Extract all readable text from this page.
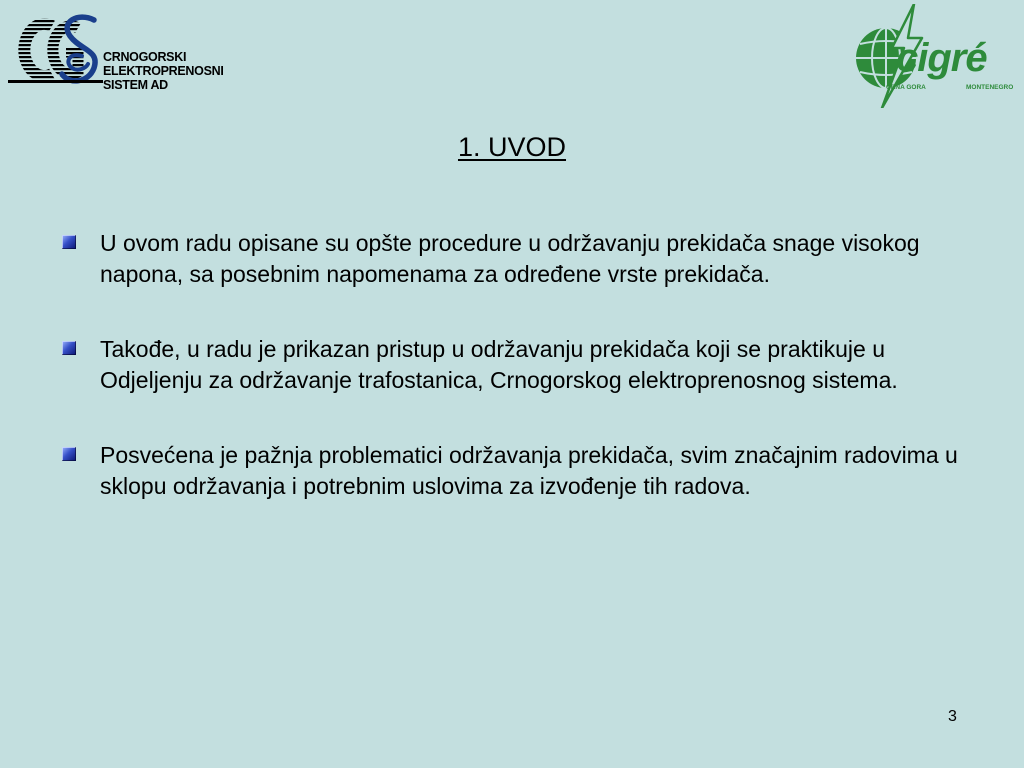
CRNOGORSKI
ELEKTROPRENOSNI
SISTEM AD
cigré
CRNA GORA	MONTENEGRO
1. UVOD
U ovom radu opisane su opšte procedure u održavanju prekidača snage visokog napona, sa posebnim napomenama za određene vrste prekidača.
Takođe, u radu je prikazan pristup u održavanju prekidača koji se praktikuje u Odjeljenju za održavanje trafostanica, Crnogorskog elektroprenosnog sistema.
Posvećena je pažnja problematici održavanja prekidača, svim značajnim radovima u sklopu održavanja i potrebnim uslovima za izvođenje tih radova.
3
